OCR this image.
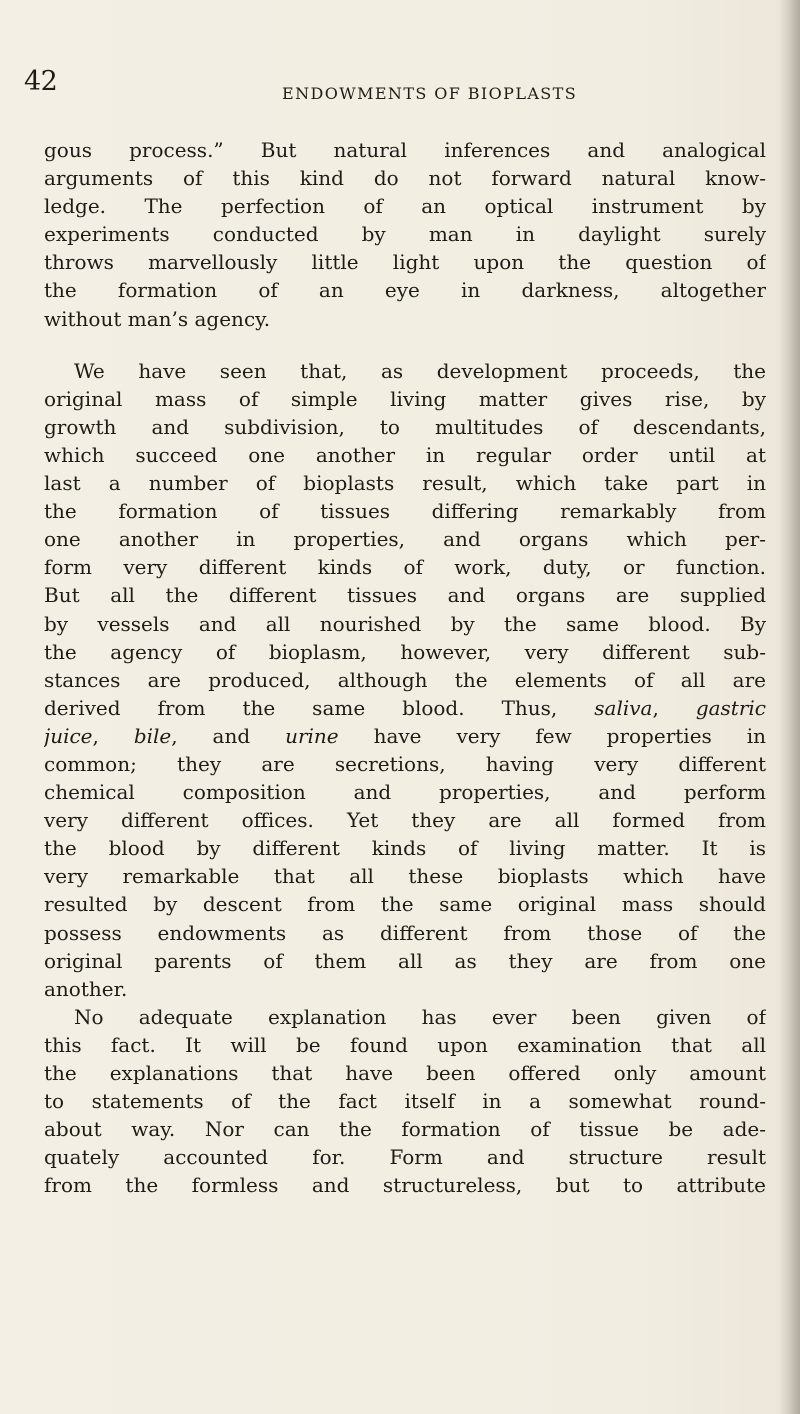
42	ENDOWMENTS OF BIOPLASTS
gous process.” But natural inferences and analogical
arguments of this kind do not forward natural know-
ledge. The perfection of an optical instrument by
experiments conducted by man in daylight surely
throws marvellously little light upon the question of
the formation of an eye in darkness, altogether
without man’s agency.
We have seen that, as development proceeds, the
original mass of simple living matter gives rise, by
growth and subdivision, to multitudes of descendants,
which succeed one another in regular order until at
last a number of bioplasts result, which take part in
the formation of tissues differing remarkably from
one another in properties, and organs which per-
form very different kinds of work, duty, or function.
But all the different tissues and organs are supplied
by vessels and all nourished by the same blood. By
the agency of bioplasm, however, very different sub-
stances are produced, although the elements of all are
derived from the same blood. Thus, saliva, gastric
juice, bile, and urine have very few properties in
common; they are secretions, having very different
chemical composition and properties, and perform
very different offices. Yet they are all formed from
the blood by different kinds of living matter. It is
very remarkable that all these bioplasts which have
resulted by descent from the same original mass should
possess endowments as different from those of the
original parents of them all as they are from one
another.
No adequate explanation has ever been given of
this fact. It will be found upon examination that all
the explanations that have been offered only amount
to statements of the fact itself in a somewhat round-
about way. Nor can the formation of tissue be ade-
quately accounted for. Form and structure result
from the formless and structureless, but to attribute
